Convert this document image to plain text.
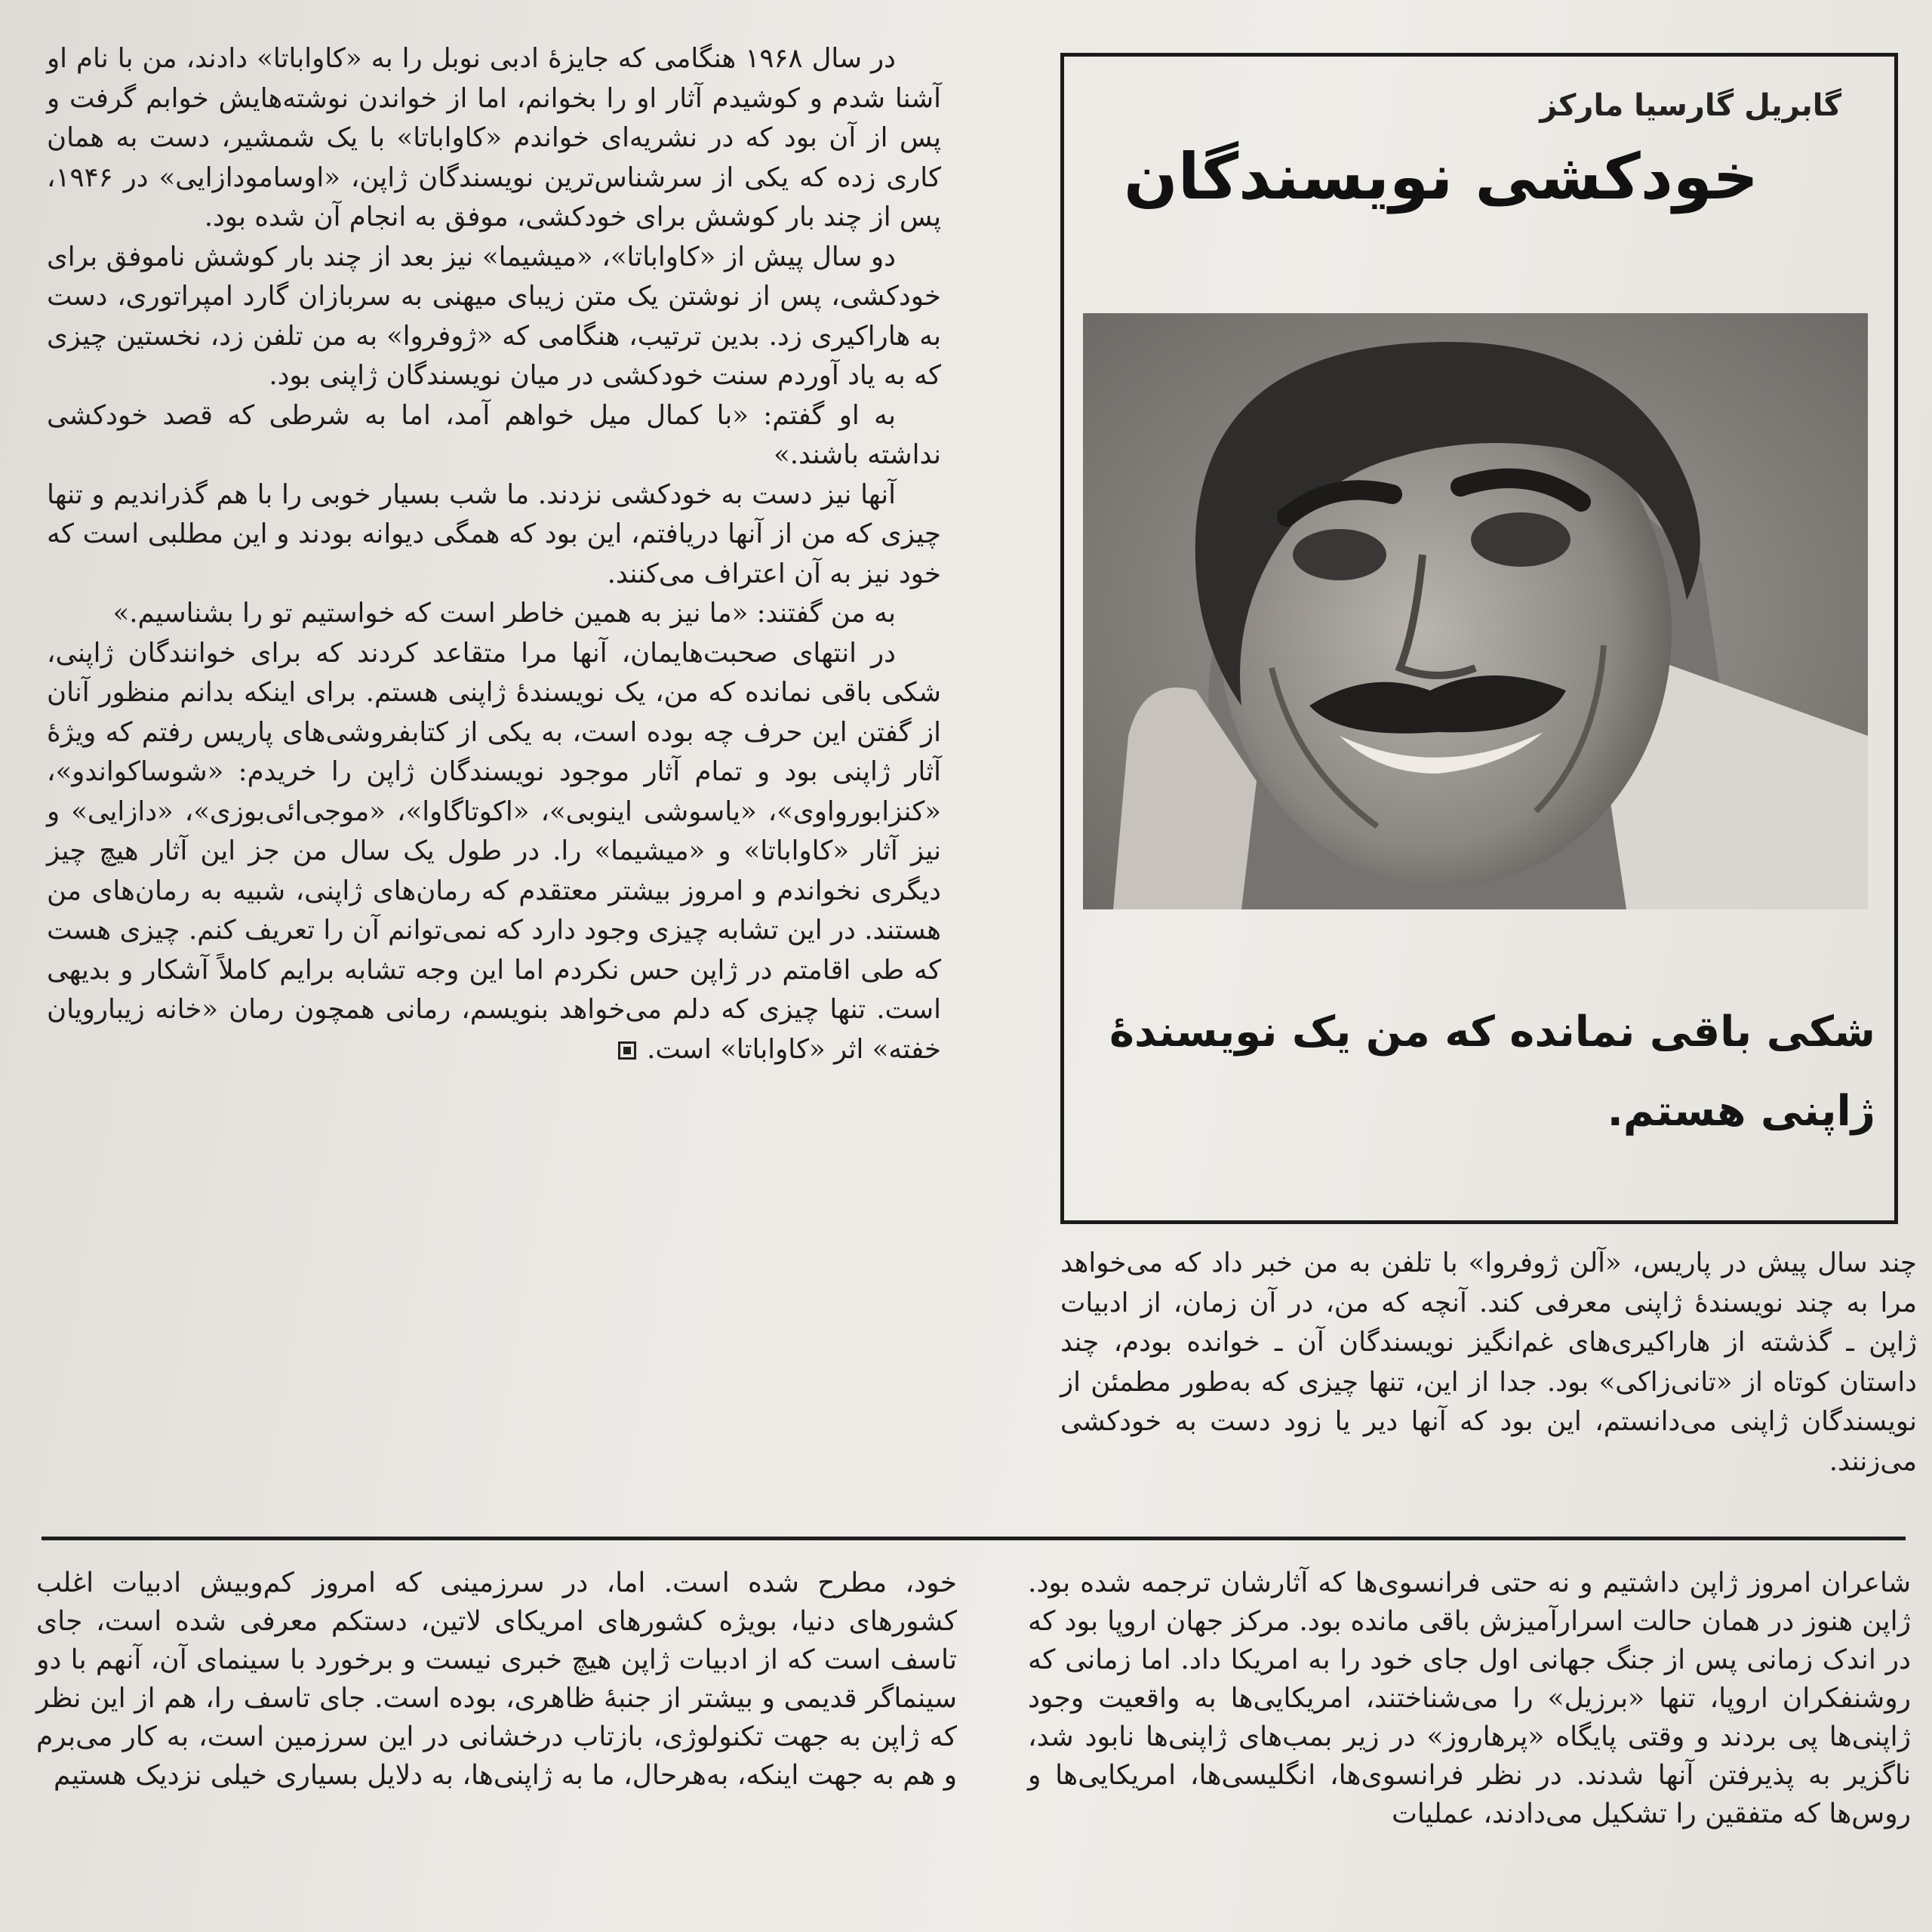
در سال ۱۹۶۸ هنگامی که جایزهٔ ادبی نوبل را به «کاواباتا» دادند، من با نام او آشنا شدم و کوشیدم آثار او را بخوانم، اما از خواندن نوشته‌هایش خوابم گرفت و پس از آن بود که در نشریه‌ای خواندم «کاواباتا» با یک شمشیر، دست به همان کاری زده که یکی از سرشناس‌ترین نویسندگان ژاپن، «اوسامودازایی» در ۱۹۴۶، پس از چند بار کوشش برای خودکشی، موفق به انجام آن شده بود.

دو سال پیش از «کاواباتا»، «میشیما» نیز بعد از چند بار کوشش ناموفق برای خودکشی، پس از نوشتن یک متن زیبای میهنی به سربازان گارد امپراتوری، دست به هاراکیری زد. بدین ترتیب، هنگامی که «ژوفروا» به من تلفن زد، نخستین چیزی که به یاد آوردم سنت خودکشی در میان نویسندگان ژاپنی بود.

به او گفتم: «با کمال میل خواهم آمد، اما به شرطی که قصد خودکشی نداشته باشند.»

آنها نیز دست به خودکشی نزدند. ما شب بسیار خوبی را با هم گذراندیم و تنها چیزی که من از آنها دریافتم، این بود که همگی دیوانه بودند و این مطلبی است که خود نیز به آن اعتراف می‌کنند.

به من گفتند: «ما نیز به همین خاطر است که خواستیم تو را بشناسیم.»

در انتهای صحبت‌هایمان، آنها مرا متقاعد کردند که برای خوانندگان ژاپنی، شکی باقی نمانده که من، یک نویسندهٔ ژاپنی هستم. برای اینکه بدانم منظور آنان از گفتن این حرف چه بوده است، به یکی از کتابفروشی‌های پاریس رفتم که ویژهٔ آثار ژاپنی بود و تمام آثار موجود نویسندگان ژاپن را خریدم: «شوساکواندو»، «کنزابورواوی»، «یاسوشی اینوبی»، «اکوتاگاوا»، «موجی‌ائی‌بوزی»، «دازایی» و نیز آثار «کاواباتا» و «میشیما» را. در طول یک سال من جز این آثار هیچ چیز دیگری نخواندم و امروز بیشتر معتقدم که رمان‌های ژاپنی، شبیه به رمان‌های من هستند. در این تشابه چیزی وجود دارد که نمی‌توانم آن را تعریف کنم. چیزی هست که طی اقامتم در ژاپن حس نکردم اما این وجه تشابه برایم کاملاً آشکار و بدیهی است. تنها چیزی که دلم می‌خواهد بنویسم، رمانی همچون رمان «خانه زیبارویان خفته» اثر «کاواباتا» است.

گابریل گارسیا مارکز
خودکشی نویسندگان
شکی باقی نمانده که من یک نویسندهٔ ژاپنی هستم.

چند سال پیش در پاریس، «آلن ژوفروا» با تلفن به من خبر داد که می‌خواهد مرا به چند نویسندهٔ ژاپنی معرفی کند. آنچه که من، در آن زمان، از ادبیات ژاپن ـ گذشته از هاراکیری‌های غم‌انگیز نویسندگان آن ـ خوانده بودم، چند داستان کوتاه از «تانی‌زاکی» بود. جدا از این، تنها چیزی که به‌طور مطمئن از نویسندگان ژاپنی می‌دانستم، این بود که آنها دیر یا زود دست به خودکشی می‌زنند.

شاعران امروز ژاپن داشتیم و نه حتی فرانسوی‌ها که آثارشان ترجمه شده بود. ژاپن هنوز در همان حالت اسرارآمیزش باقی مانده بود. مرکز جهان اروپا بود که در اندک زمانی پس از جنگ جهانی اول جای خود را به امریکا داد. اما زمانی که روشنفکران اروپا، تنها «برزیل» را می‌شناختند، امریکایی‌ها به واقعیت وجود ژاپنی‌ها پی بردند و وقتی پایگاه «پرهاروز» در زیر بمب‌های ژاپنی‌ها نابود شد، ناگزیر به پذیرفتن آنها شدند. در نظر فرانسوی‌ها، انگلیسی‌ها، امریکایی‌ها و روس‌ها که متفقین را تشکیل می‌دادند، عملیات

خود، مطرح شده است. اما، در سرزمینی که امروز کم‌وبیش ادبیات اغلب کشورهای دنیا، بویژه کشورهای امریکای لاتین، دستکم معرفی شده است، جای تاسف است که از ادبیات ژاپن هیچ خبری نیست و برخورد با سینمای آن، آنهم با دو سینماگر قدیمی و بیشتر از جنبهٔ ظاهری، بوده است. جای تاسف را، هم از این نظر که ژاپن به جهت تکنولوژی، بازتاب درخشانی در این سرزمین است، به کار می‌برم و هم به جهت اینکه، به‌هرحال، ما به ژاپنی‌ها، به دلایل بسیاری خیلی نزدیک هستیم
